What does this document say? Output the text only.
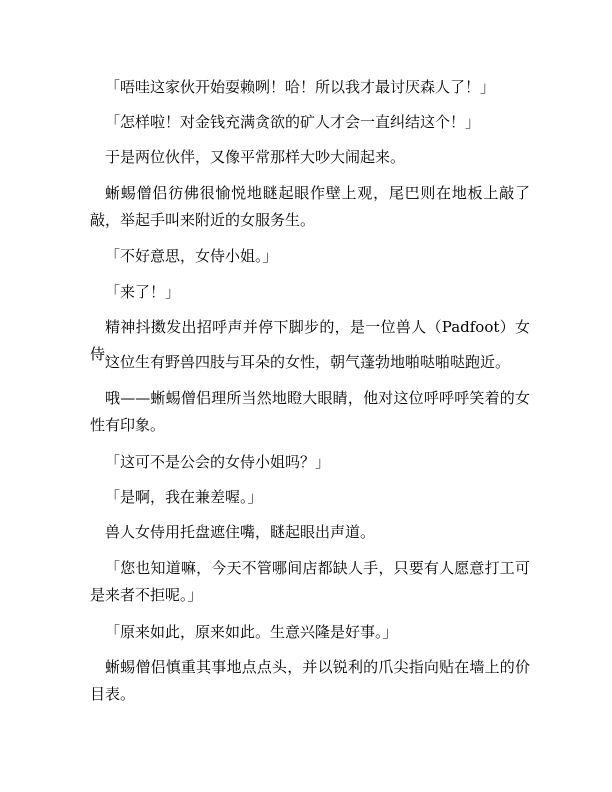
「唔哇这家伙开始耍赖咧！哈！所以我才最讨厌森人了！」

「怎样啦！对金钱充满贪欲的矿人才会一直纠结这个！」

于是两位伙伴，又像平常那样大吵大闹起来。

蜥蜴僧侣彷佛很愉悦地瞇起眼作壁上观，尾巴则在地板上敲了敲，举起手叫来附近的女服务生。

「不好意思，女侍小姐。」

「来了！」

精神抖擞发出招呼声并停下脚步的，是一位兽人（Padfoot）女侍。

这位生有野兽四肢与耳朵的女性，朝气蓬勃地啪哒啪哒跑近。

哦——蜥蜴僧侣理所当然地瞪大眼睛，他对这位呼呼呼笑着的女性有印象。

「这可不是公会的女侍小姐吗？」

「是啊，我在兼差喔。」

兽人女侍用托盘遮住嘴，瞇起眼出声道。

「您也知道嘛，今天不管哪间店都缺人手，只要有人愿意打工可是来者不拒呢。」

「原来如此，原来如此。生意兴隆是好事。」

蜥蜴僧侣慎重其事地点点头，并以锐利的爪尖指向贴在墙上的价目表。
